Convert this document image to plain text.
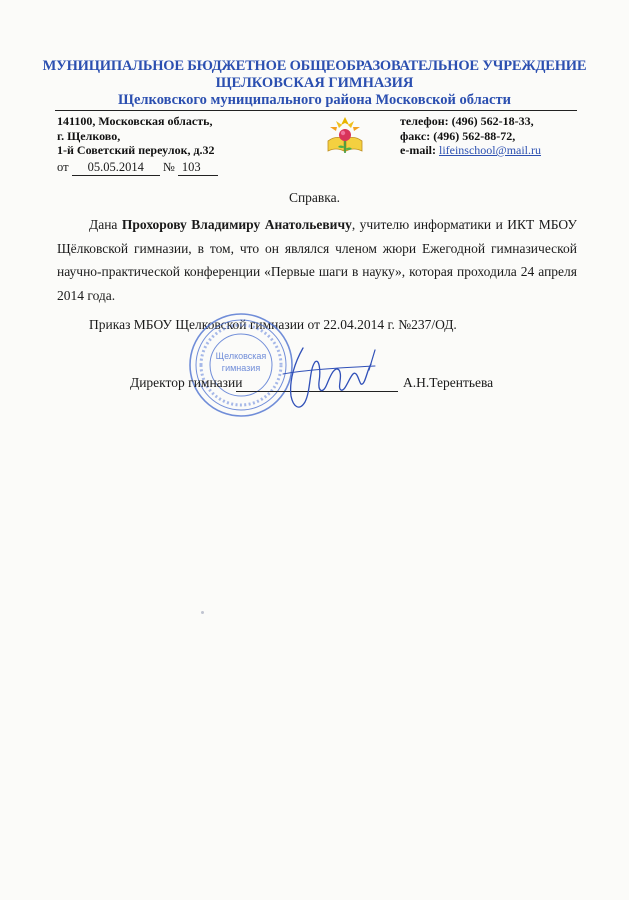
МУНИЦИПАЛЬНОЕ БЮДЖЕТНОЕ ОБЩЕОБРАЗОВАТЕЛЬНОЕ УЧРЕЖДЕНИЕ
ЩЕЛКОВСКАЯ ГИМНАЗИЯ
Щелковского муниципального района Московской области
141100, Московская область,
г. Щелково,
1-й Советский переулок, д.32
телефон: (496) 562-18-33,
факс: (496) 562-88-72,
e-mail: lifeinschool@mail.ru
от 05.05.2014 № 103
Справка.
Дана Прохорову Владимиру Анатольевичу, учителю информатики и ИКТ МБОУ Щёлковской гимназии, в том, что он являлся членом жюри Ежегодной гимназической научно-практической конференции «Первые шаги в науку», которая проходила 24 апреля 2014 года.
Приказ МБОУ Щелковской гимназии от 22.04.2014 г. №237/ОД.
Щелковская
гимназия
Директор гимназии	А.Н.Терентьева
